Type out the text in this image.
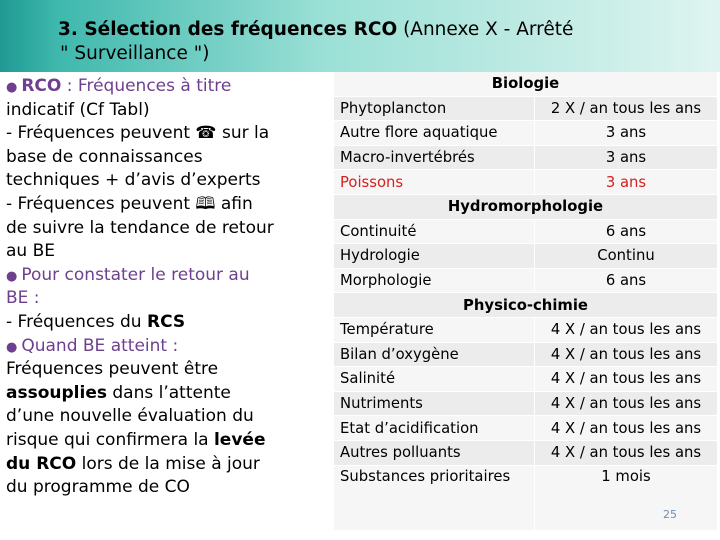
3. Sélection des fréquences RCO (Annexe X - Arrêté
" Surveillance ")
● RCO : Fréquences à titre
indicatif (Cf Tabl)
- Fréquences peuvent ☎ sur la
base de connaissances
techniques + d’avis d’experts
- Fréquences peuvent 🕮 afin
de suivre la tendance de retour
au BE
● Pour constater le retour au
BE :
- Fréquences du RCS
● Quand BE atteint :
Fréquences peuvent être
assouplies dans l’attente
d’une nouvelle évaluation du
risque qui confirmera la levée
du RCO lors de la mise à jour
du programme de CO
Biologie	
Phytoplancton	2 X / an tous les ans
Autre flore aquatique	3 ans
Macro-invertébrés	3 ans
Poissons	3 ans
Hydromorphologie	
Continuité	6 ans
Hydrologie	Continu
Morphologie	6 ans
Physico-chimie	
Température	4 X / an tous les ans
Bilan d’oxygène	4 X / an tous les ans
Salinité	4 X / an tous les ans
Nutriments	4 X / an tous les ans
Etat d’acidification	4 X / an tous les ans
Autres polluants	4 X / an tous les ans
Substances prioritaires	1 mois
25
